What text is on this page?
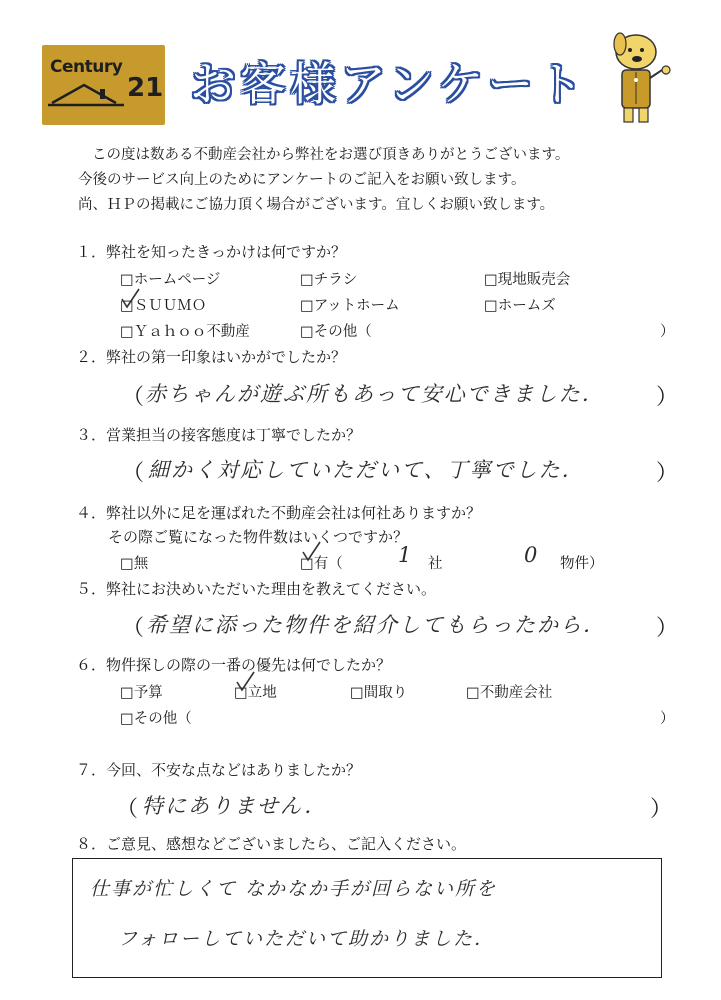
Century
21 お客様アンケート
この度は数ある不動産会社から弊社をお選び頂きありがとうございます。
今後のサービス向上のためにアンケートのご記入をお願い致します。
尚、ＨＰの掲載にご協力頂く場合がございます。宜しくお願い致します。
１．弊社を知ったきっかけは何ですか？
□ホームページ	□チラシ	□現地販売会
□ＳＵＵＭＯ	□アットホーム	□ホームズ
□Ｙａｈｏｏ不動産	□その他（	）
２．弊社の第一印象はいかがでしたか？
（ 赤ちゃんが遊ぶ所もあって安心できました． ）
３．営業担当の接客態度は丁寧でしたか？
（ 細かく対応していただいて、丁寧でした．	）
４．弊社以外に足を運ばれた不動産会社は何社ありますか？
その際ご覧になった物件数はいくつですか？
□無	□有（	1 社	0 物件）
５．弊社にお決めいただいた理由を教えてください。
（ 希望に添った物件を紹介してもらったから． ）
６．物件探しの際の一番の優先は何でしたか？
□予算	□立地	□間取り	□不動産会社
□その他（	）
７．今回、不安な点などはありましたか？
（ 特にありません．	）
８．ご意見、感想などございましたら、ご記入ください。
仕事が忙しくて なかなか手が回らない所を
フォローしていただいて助かりました．
